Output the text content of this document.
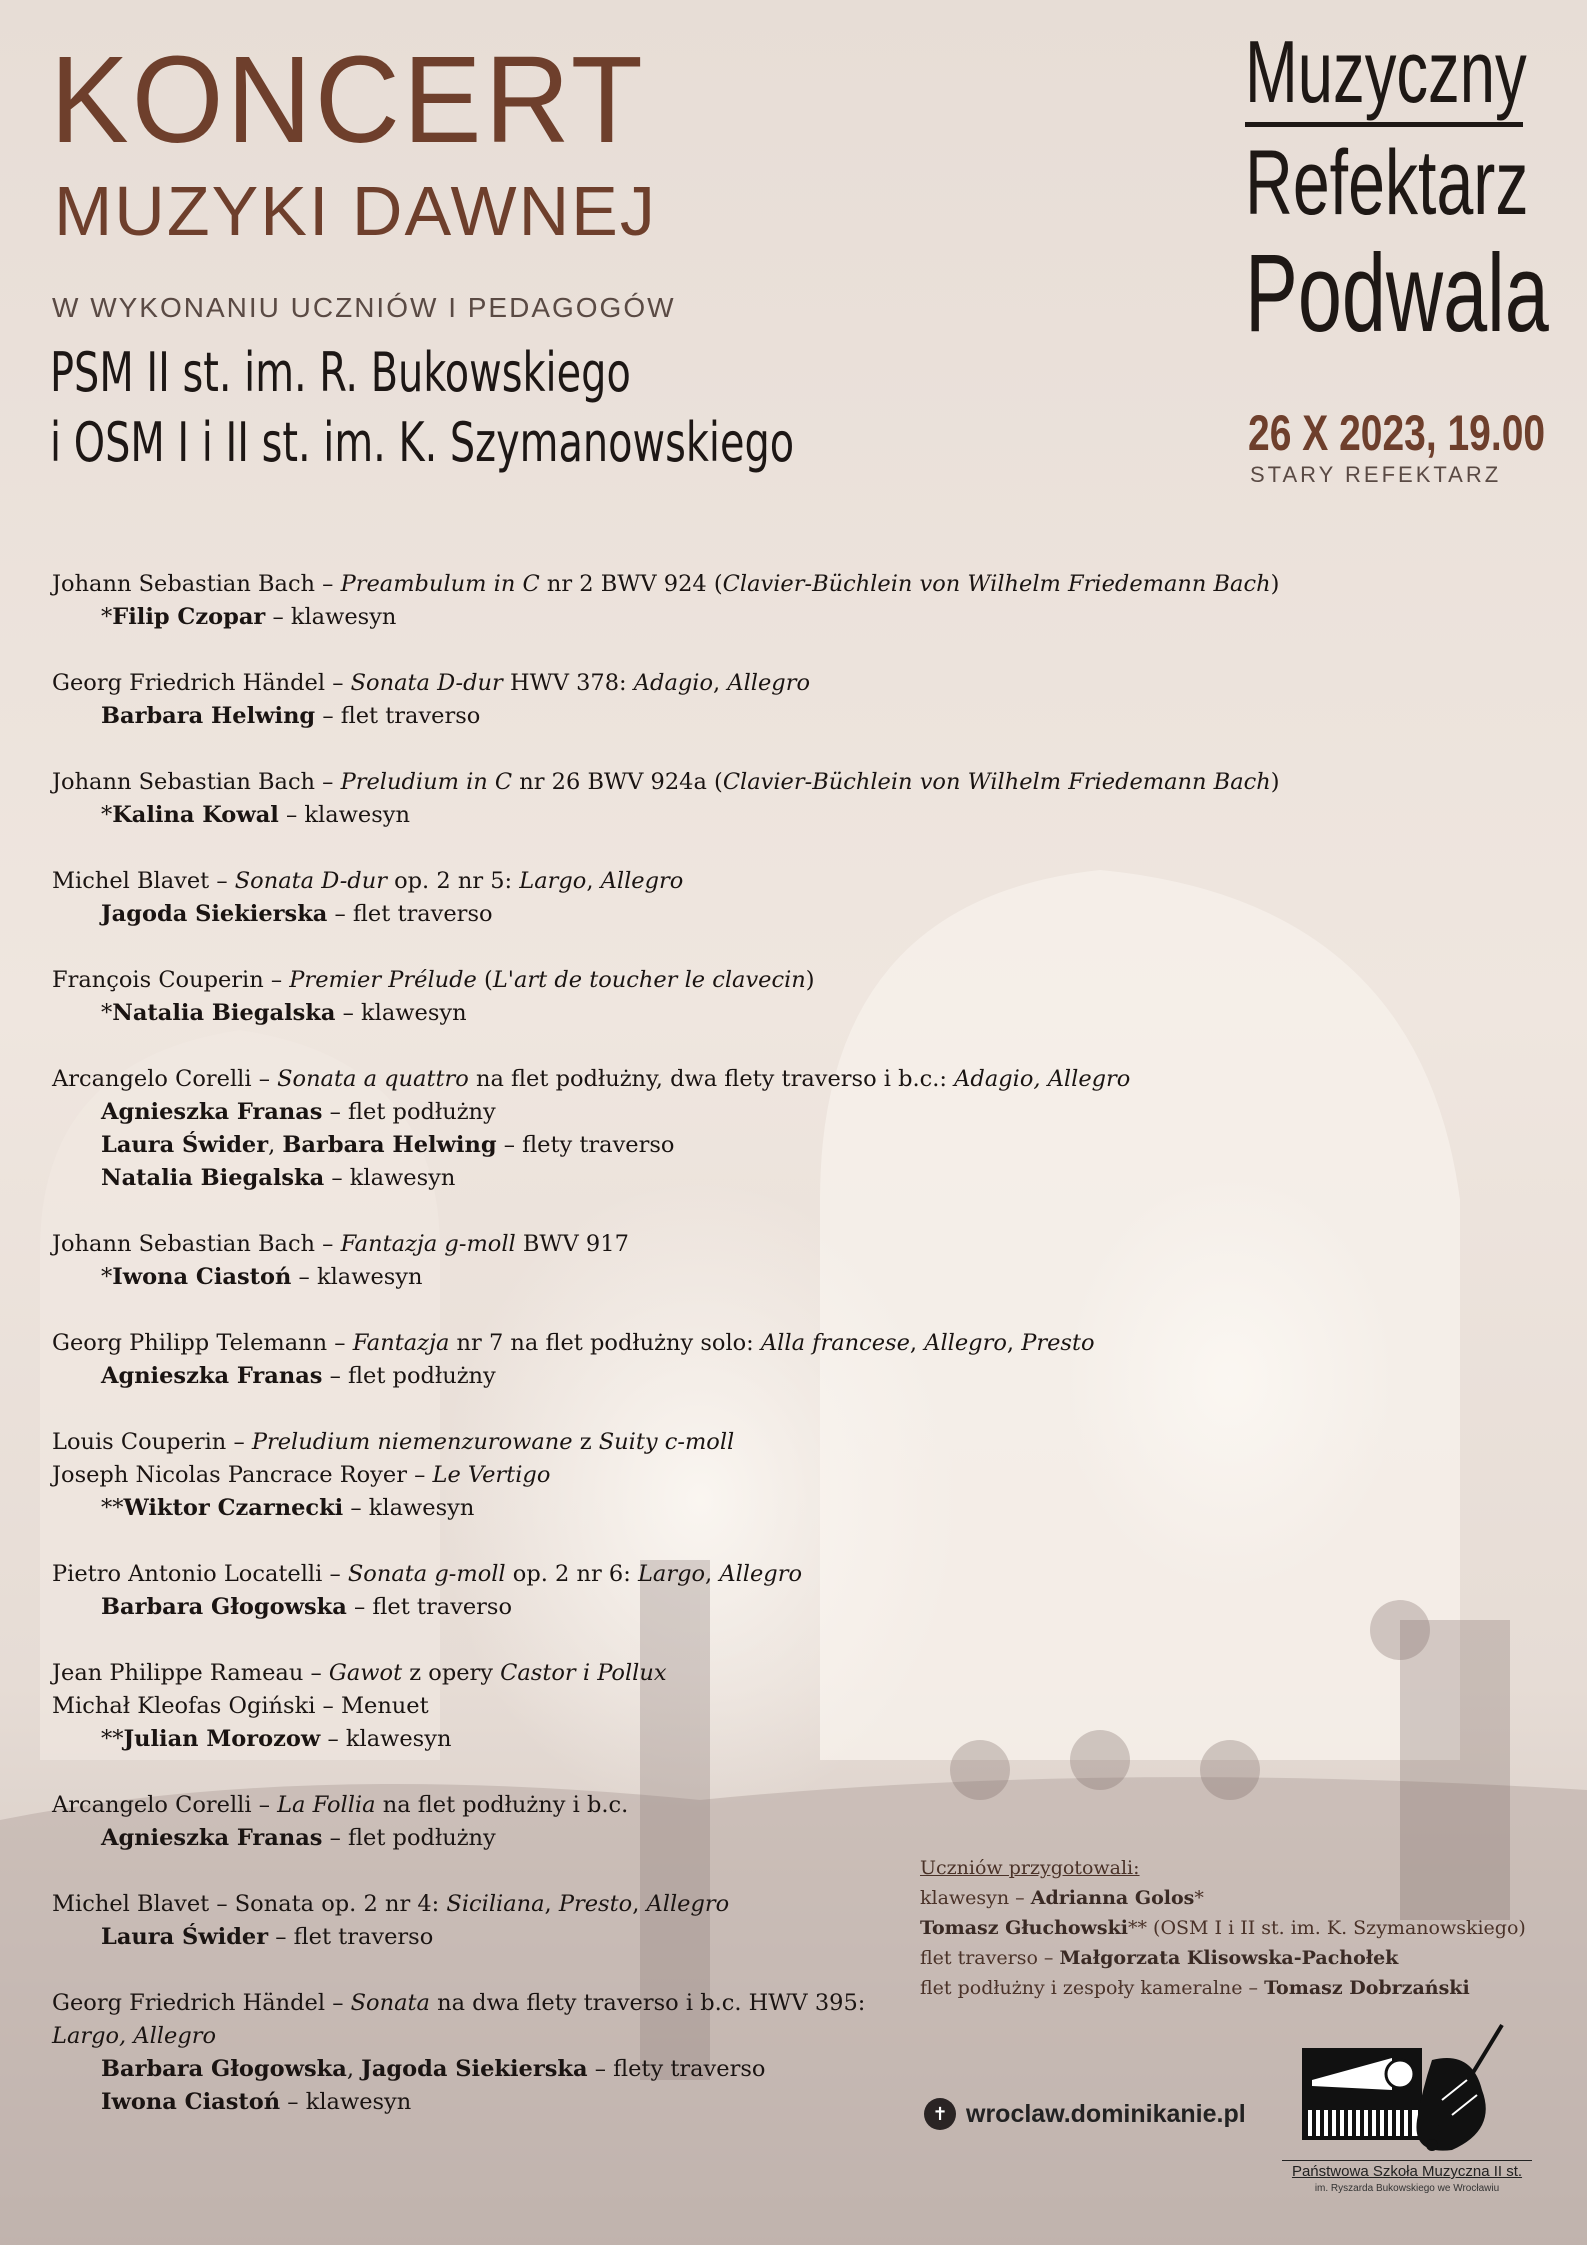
KONCERT
MUZYKI DAWNEJ
W WYKONANIU UCZNIÓW I PEDAGOGÓW
PSM II st. im. R. Bukowskiego
i OSM I i II st. im. K. Szymanowskiego
Muzyczny
Refektarz
Podwala
26 X 2023, 19.00
STARY REFEKTARZ
Johann Sebastian Bach – Preambulum in C nr 2 BWV 924 (Clavier-Büchlein von Wilhelm Friedemann Bach)
*Filip Czopar – klawesyn
Georg Friedrich Händel – Sonata D-dur HWV 378: Adagio, Allegro
Barbara Helwing – flet traverso
Johann Sebastian Bach – Preludium in C nr 26 BWV 924a (Clavier-Büchlein von Wilhelm Friedemann Bach)
*Kalina Kowal – klawesyn
Michel Blavet – Sonata D-dur op. 2 nr 5: Largo, Allegro
Jagoda Siekierska – flet traverso
François Couperin – Premier Prélude (L'art de toucher le clavecin)
*Natalia Biegalska – klawesyn
Arcangelo Corelli – Sonata a quattro na flet podłużny, dwa flety traverso i b.c.: Adagio, Allegro
Agnieszka Franas – flet podłużny
Laura Świder, Barbara Helwing – flety traverso
Natalia Biegalska – klawesyn
Johann Sebastian Bach – Fantazja g-moll BWV 917
*Iwona Ciastoń – klawesyn
Georg Philipp Telemann – Fantazja nr 7 na flet podłużny solo: Alla francese, Allegro, Presto
Agnieszka Franas – flet podłużny
Louis Couperin – Preludium niemenzurowane z Suity c-moll
Joseph Nicolas Pancrace Royer – Le Vertigo
**Wiktor Czarnecki – klawesyn
Pietro Antonio Locatelli – Sonata g-moll op. 2 nr 6: Largo, Allegro
Barbara Głogowska – flet traverso
Jean Philippe Rameau – Gawot z opery Castor i Pollux
Michał Kleofas Ogiński – Menuet
**Julian Morozow – klawesyn
Arcangelo Corelli – La Follia na flet podłużny i b.c.
Agnieszka Franas – flet podłużny
Michel Blavet – Sonata op. 2 nr 4: Siciliana, Presto, Allegro
Laura Świder – flet traverso
Georg Friedrich Händel – Sonata na dwa flety traverso i b.c. HWV 395:
Largo, Allegro
Barbara Głogowska, Jagoda Siekierska – flety traverso
Iwona Ciastoń – klawesyn
Uczniów przygotowali:
klawesyn – Adrianna Golos*
Tomasz Głuchowski** (OSM I i II st. im. K. Szymanowskiego)
flet traverso – Małgorzata Klisowska-Pachołek
flet podłużny i zespoły kameralne – Tomasz Dobrzański
✝ wroclaw.dominikanie.pl
Państwowa Szkoła Muzyczna II st.
im. Ryszarda Bukowskiego we Wrocławiu
